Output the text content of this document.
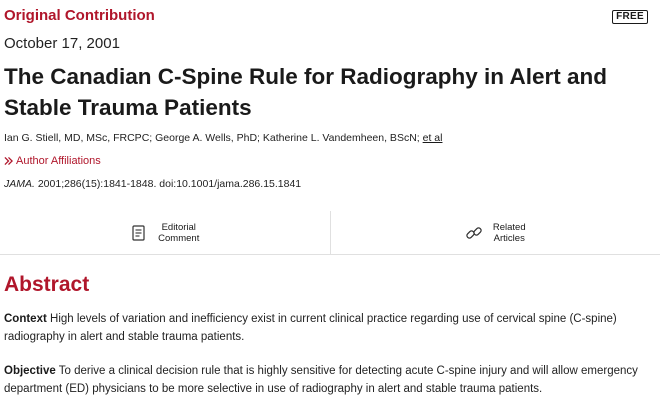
Original Contribution	FREE
October 17, 2001
The Canadian C-Spine Rule for Radiography in Alert and Stable Trauma Patients
Ian G. Stiell, MD, MSc, FRCPC; George A. Wells, PhD; Katherine L. Vandemheen, BScN; et al
Author Affiliations
JAMA. 2001;286(15):1841-1848. doi:10.1001/jama.286.15.1841
Editorial
Comment
Related
Articles
Abstract

Context High levels of variation and inefficiency exist in current clinical practice regarding use of cervical spine (C-spine) radiography in alert and stable trauma patients.

Objective To derive a clinical decision rule that is highly sensitive for detecting acute C-spine injury and will allow emergency department (ED) physicians to be more selective in use of radiography in alert and stable trauma patients.
